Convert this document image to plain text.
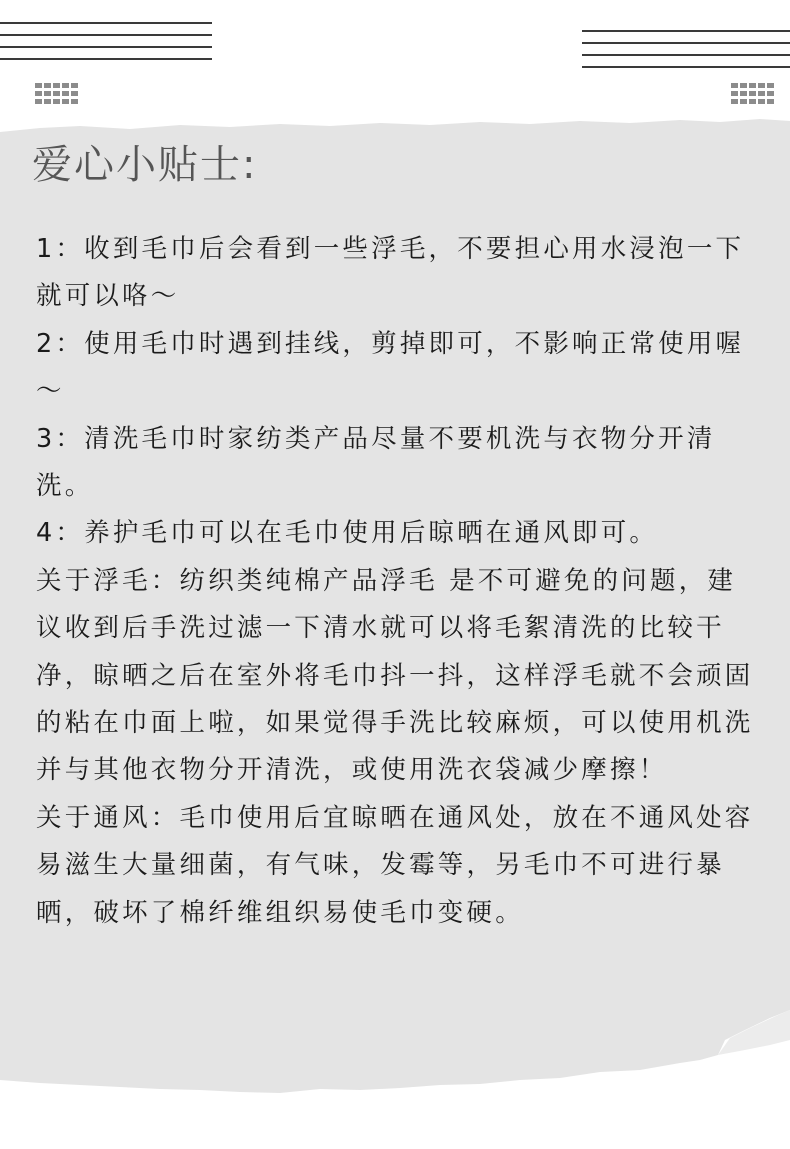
爱心小贴士:

1：收到毛巾后会看到一些浮毛，不要担心用水浸泡一下就可以咯～

2：使用毛巾时遇到挂线，剪掉即可，不影响正常使用喔～

3：清洗毛巾时家纺类产品尽量不要机洗与衣物分开清洗。

4：养护毛巾可以在毛巾使用后晾晒在通风即可。

关于浮毛：纺织类纯棉产品浮毛 是不可避免的问题，建议收到后手洗过滤一下清水就可以将毛絮清洗的比较干净，晾晒之后在室外将毛巾抖一抖，这样浮毛就不会顽固的粘在巾面上啦，如果觉得手洗比较麻烦，可以使用机洗并与其他衣物分开清洗，或使用洗衣袋减少摩擦！

关于通风：毛巾使用后宜晾晒在通风处，放在不通风处容易滋生大量细菌，有气味，发霉等，另毛巾不可进行暴晒，破坏了棉纤维组织易使毛巾变硬。
